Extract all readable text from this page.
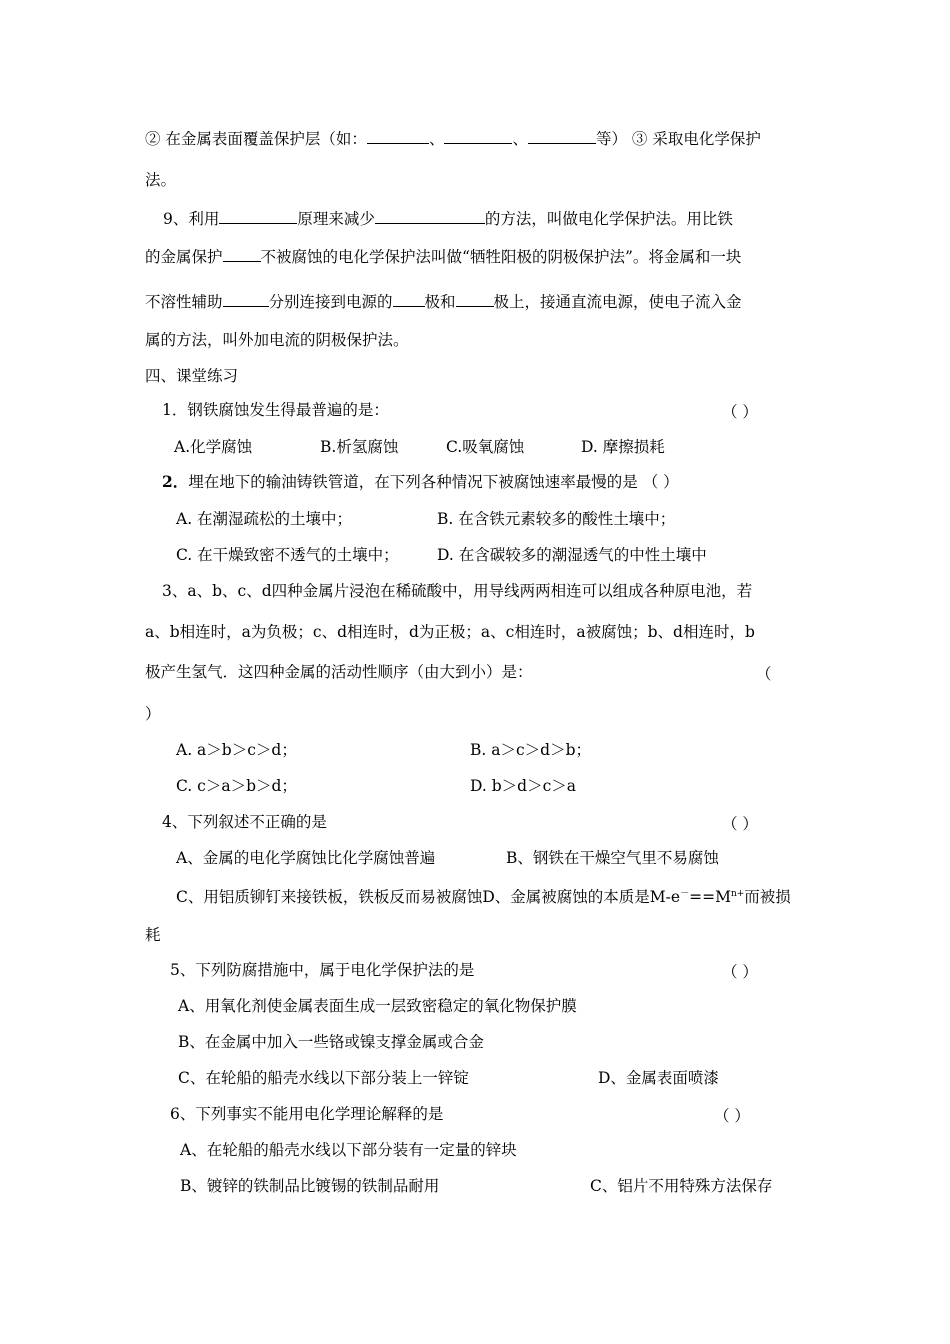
② 在金属表面覆盖保护层（如：	、	、	等） ③ 采取电化学保护
法。
9、利用	原理来减少	的方法，叫做电化学保护法。用比铁
的金属保护 不被腐蚀的电化学保护法叫做“牺牲阳极的阴极保护法”。将金属和一块
不溶性辅助	分别连接到电源的 极和 极上，接通直流电源，使电子流入金
属的方法，叫外加电流的阴极保护法。
四、课堂练习
1．钢铁腐蚀发生得最普遍的是：	（ ）
A.化学腐蚀	B.析氢腐蚀	C.吸氧腐蚀	D. 摩擦损耗
2．埋在地下的输油铸铁管道，在下列各种情况下被腐蚀速率最慢的是 （ ）
A. 在潮湿疏松的土壤中；	B. 在含铁元素较多的酸性土壤中；
C. 在干燥致密不透气的土壤中； D. 在含碳较多的潮湿透气的中性土壤中
3、a、b、c、d四种金属片浸泡在稀硫酸中，用导线两两相连可以组成各种原电池，若
a、b相连时，a为负极；c、d相连时，d为正极；a、c相连时，a被腐蚀；b、d相连时，b
极产生氢气．这四种金属的活动性顺序（由大到小）是：	（
）
A. a＞b＞c＞d；	B. a＞c＞d＞b；
C. c＞a＞b＞d；	D. b＞d＞c＞a
4、下列叙述不正确的是	（ ）
A、金属的电化学腐蚀比化学腐蚀普遍	B、钢铁在干燥空气里不易腐蚀
C、用铝质铆钉来接铁板，铁板反而易被腐蚀D、金属被腐蚀的本质是$M-e^-==M^{n+}$而被损
耗
5、下列防腐措施中，属于电化学保护法的是	（ ）
A、用氧化剂使金属表面生成一层致密稳定的氧化物保护膜
B、在金属中加入一些铬或镍支撑金属或合金
C、在轮船的船壳水线以下部分装上一锌锭	D、金属表面喷漆
6、下列事实不能用电化学理论解释的是	（ ）
A、在轮船的船壳水线以下部分装有一定量的锌块
B、镀锌的铁制品比镀锡的铁制品耐用	C、铝片不用特殊方法保存
